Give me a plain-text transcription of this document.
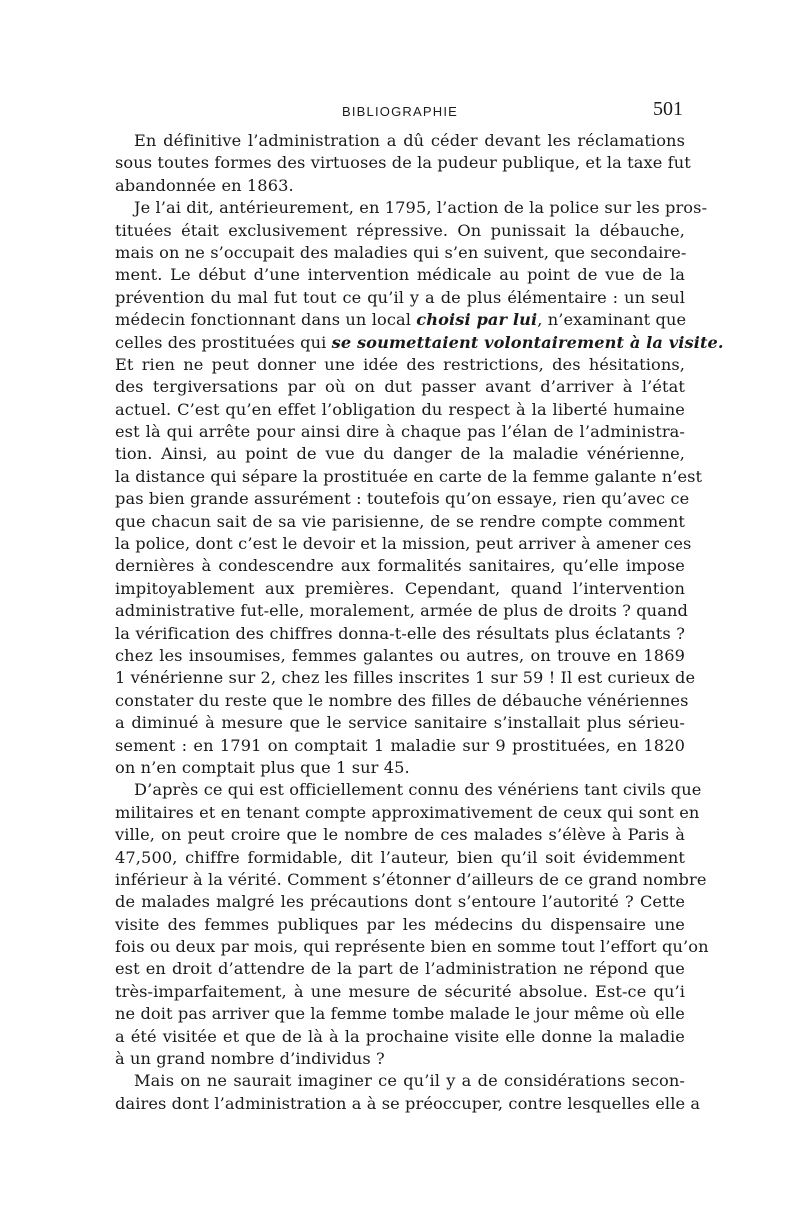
BIBLIOGRAPHIE	501
En définitive l’administration a dû céder devant les réclamations
sous toutes formes des virtuoses de la pudeur publique, et la taxe fut
abandonnée en 1863.
Je l’ai dit, antérieurement, en 1795, l’action de la police sur les pros-
tituées était exclusivement répressive. On punissait la débauche,
mais on ne s’occupait des maladies qui s’en suivent, que secondaire-
ment. Le début d’une intervention médicale au point de vue de la
prévention du mal fut tout ce qu’il y a de plus élémentaire : un seul
médecin fonctionnant dans un local choisi par lui, n’examinant que
celles des prostituées qui se soumettaient volontairement à la visite.
Et rien ne peut donner une idée des restrictions, des hésitations,
des tergiversations par où on dut passer avant d’arriver à l’état
actuel. C’est qu’en effet l’obligation du respect à la liberté humaine
est là qui arrête pour ainsi dire à chaque pas l’élan de l’administra-
tion. Ainsi, au point de vue du danger de la maladie vénérienne,
la distance qui sépare la prostituée en carte de la femme galante n’est
pas bien grande assurément : toutefois qu’on essaye, rien qu’avec ce
que chacun sait de sa vie parisienne, de se rendre compte comment
la police, dont c’est le devoir et la mission, peut arriver à amener ces
dernières à condescendre aux formalités sanitaires, qu’elle impose
impitoyablement aux premières. Cependant, quand l’intervention
administrative fut-elle, moralement, armée de plus de droits ? quand
la vérification des chiffres donna-t-elle des résultats plus éclatants ?
chez les insoumises, femmes galantes ou autres, on trouve en 1869
1 vénérienne sur 2, chez les filles inscrites 1 sur 59 ! Il est curieux de
constater du reste que le nombre des filles de débauche vénériennes
a diminué à mesure que le service sanitaire s’installait plus sérieu-
sement : en 1791 on comptait 1 maladie sur 9 prostituées, en 1820
on n’en comptait plus que 1 sur 45.
D’après ce qui est officiellement connu des vénériens tant civils que
militaires et en tenant compte approximativement de ceux qui sont en
ville, on peut croire que le nombre de ces malades s’élève à Paris à
47,500, chiffre formidable, dit l’auteur, bien qu’il soit évidemment
inférieur à la vérité. Comment s’étonner d’ailleurs de ce grand nombre
de malades malgré les précautions dont s’entoure l’autorité ? Cette
visite des femmes publiques par les médecins du dispensaire une
fois ou deux par mois, qui représente bien en somme tout l’effort qu’on
est en droit d’attendre de la part de l’administration ne répond que
très-imparfaitement, à une mesure de sécurité absolue. Est-ce qu’i
ne doit pas arriver que la femme tombe malade le jour même où elle
a été visitée et que de là à la prochaine visite elle donne la maladie
à un grand nombre d’individus ?
Mais on ne saurait imaginer ce qu’il y a de considérations secon-
daires dont l’administration a à se préoccuper, contre lesquelles elle a
